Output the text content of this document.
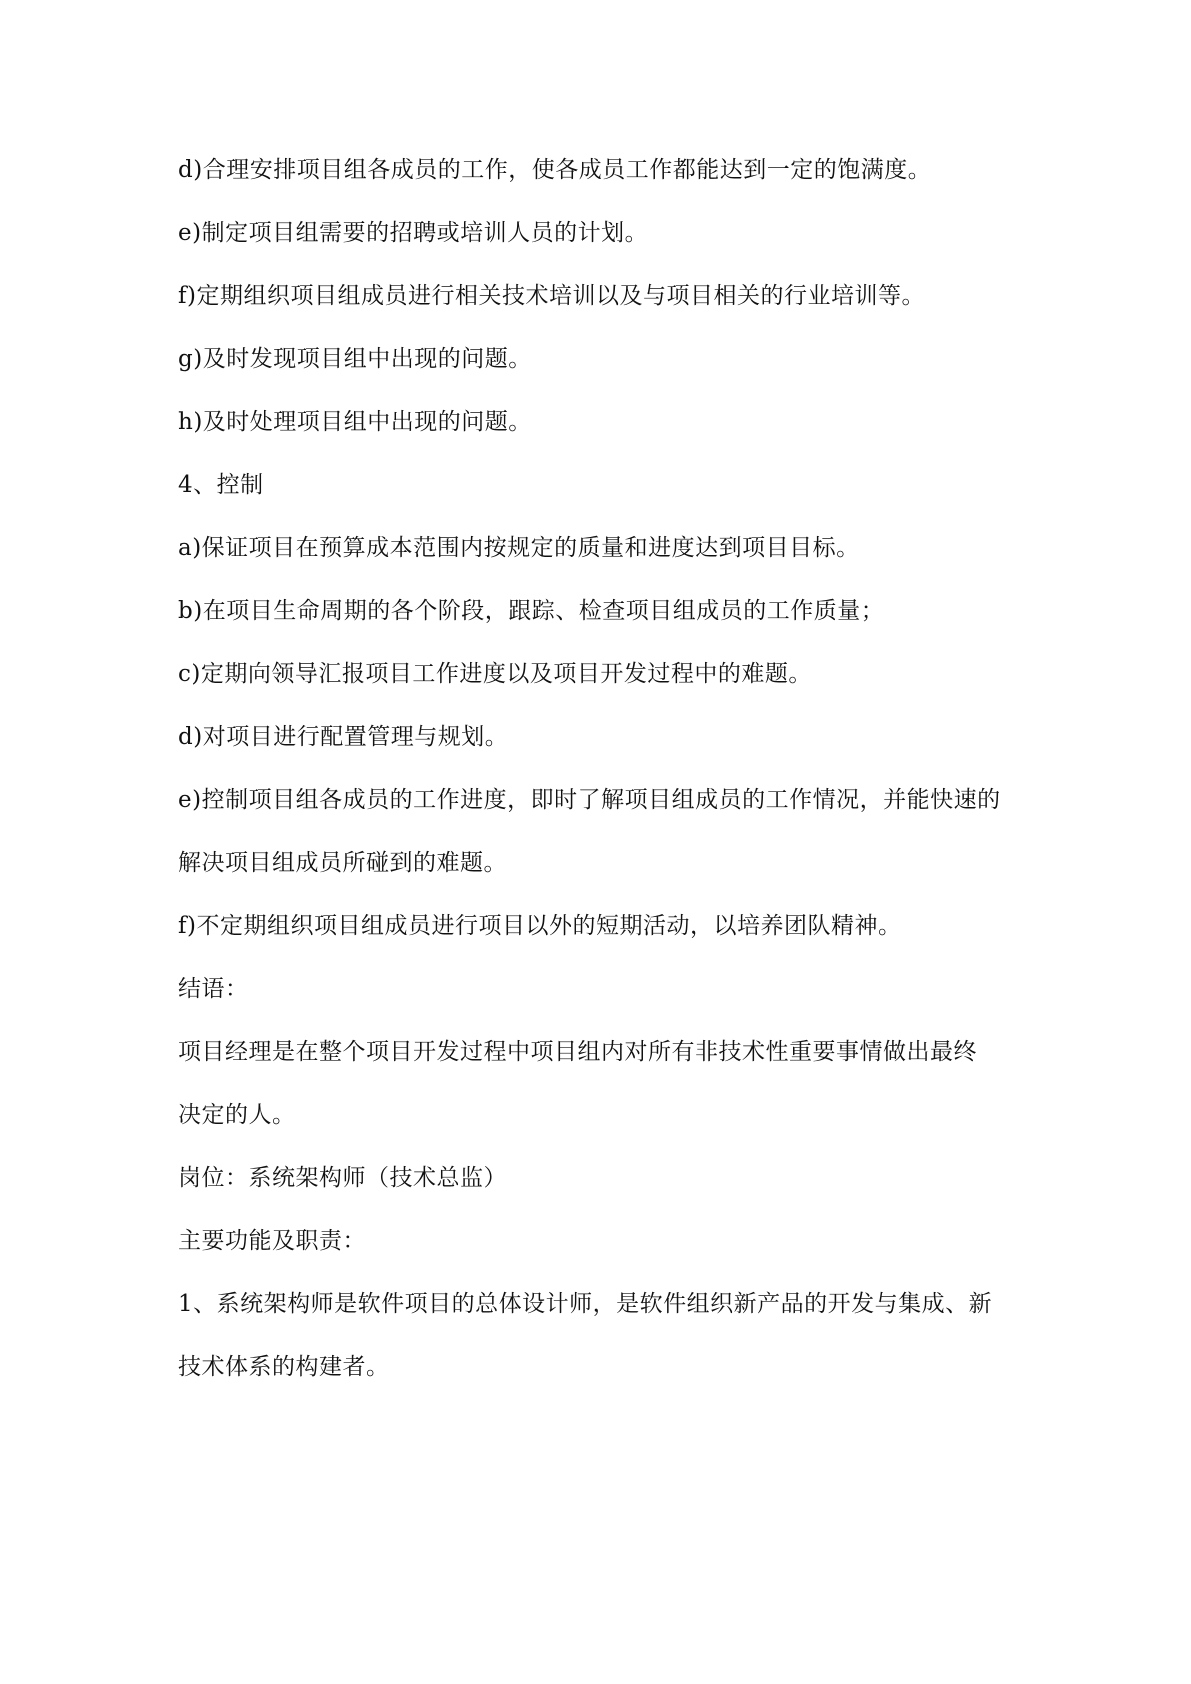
d)合理安排项目组各成员的工作，使各成员工作都能达到一定的饱满度。
e)制定项目组需要的招聘或培训人员的计划。
f)定期组织项目组成员进行相关技术培训以及与项目相关的行业培训等。
g)及时发现项目组中出现的问题。
h)及时处理项目组中出现的问题。
4、控制
a)保证项目在预算成本范围内按规定的质量和进度达到项目目标。
b)在项目生命周期的各个阶段，跟踪、检查项目组成员的工作质量；
c)定期向领导汇报项目工作进度以及项目开发过程中的难题。
d)对项目进行配置管理与规划。
e)控制项目组各成员的工作进度，即时了解项目组成员的工作情况，并能快速的
解决项目组成员所碰到的难题。
f)不定期组织项目组成员进行项目以外的短期活动，以培养团队精神。
结语：
项目经理是在整个项目开发过程中项目组内对所有非技术性重要事情做出最终
决定的人。
岗位：系统架构师（技术总监）
主要功能及职责：
1、系统架构师是软件项目的总体设计师，是软件组织新产品的开发与集成、新
技术体系的构建者。
